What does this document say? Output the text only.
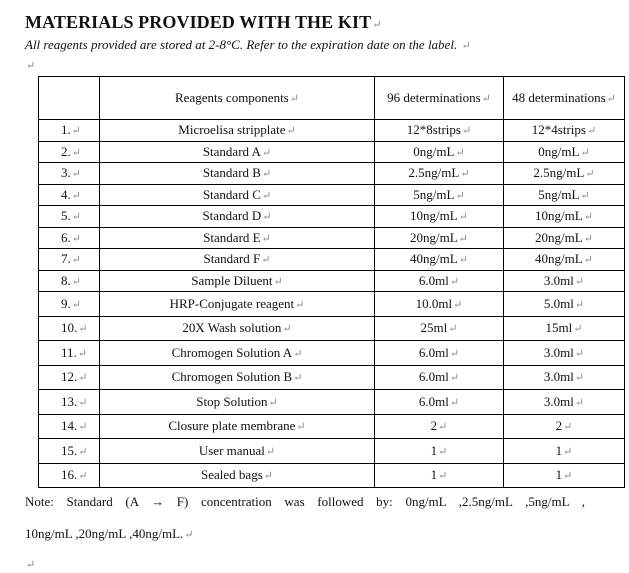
MATERIALS PROVIDED WITH THE KIT↵
All reagents provided are stored at 2-8°C. Refer to the expiration date on the label. ↵
↵
	Reagents components↵	96 determinations↵	48 determinations↵
1.↵	Microelisa stripplate↵	12*8strips↵	12*4strips↵
2.↵	Standard A↵	0ng/mL↵	0ng/mL↵
3.↵	Standard B↵	2.5ng/mL↵	2.5ng/mL↵
4.↵	Standard C↵	5ng/mL↵	5ng/mL↵
5.↵	Standard D↵	10ng/mL↵	10ng/mL↵
6.↵	Standard E↵	20ng/mL↵	20ng/mL↵
7.↵	Standard F↵	40ng/mL↵	40ng/mL↵
8.↵	Sample Diluent↵	6.0ml↵	3.0ml↵
9.↵	HRP-Conjugate reagent↵	10.0ml↵	5.0ml↵
10.↵	20X Wash solution↵	25ml↵	15ml↵
11.↵	Chromogen Solution A↵	6.0ml↵	3.0ml↵
12.↵	Chromogen Solution B↵	6.0ml↵	3.0ml↵
13.↵	Stop Solution↵	6.0ml↵	3.0ml↵
14.↵	Closure plate membrane↵	2↵	2↵
15.↵	User manual↵	1↵	1↵
16.↵	Sealed bags↵	1↵	1↵
Note: Standard (A → F) concentration was followed by: 0ng/mL ,2.5ng/mL ,5ng/mL ,
10ng/mL ,20ng/mL ,40ng/mL.↵
↵
